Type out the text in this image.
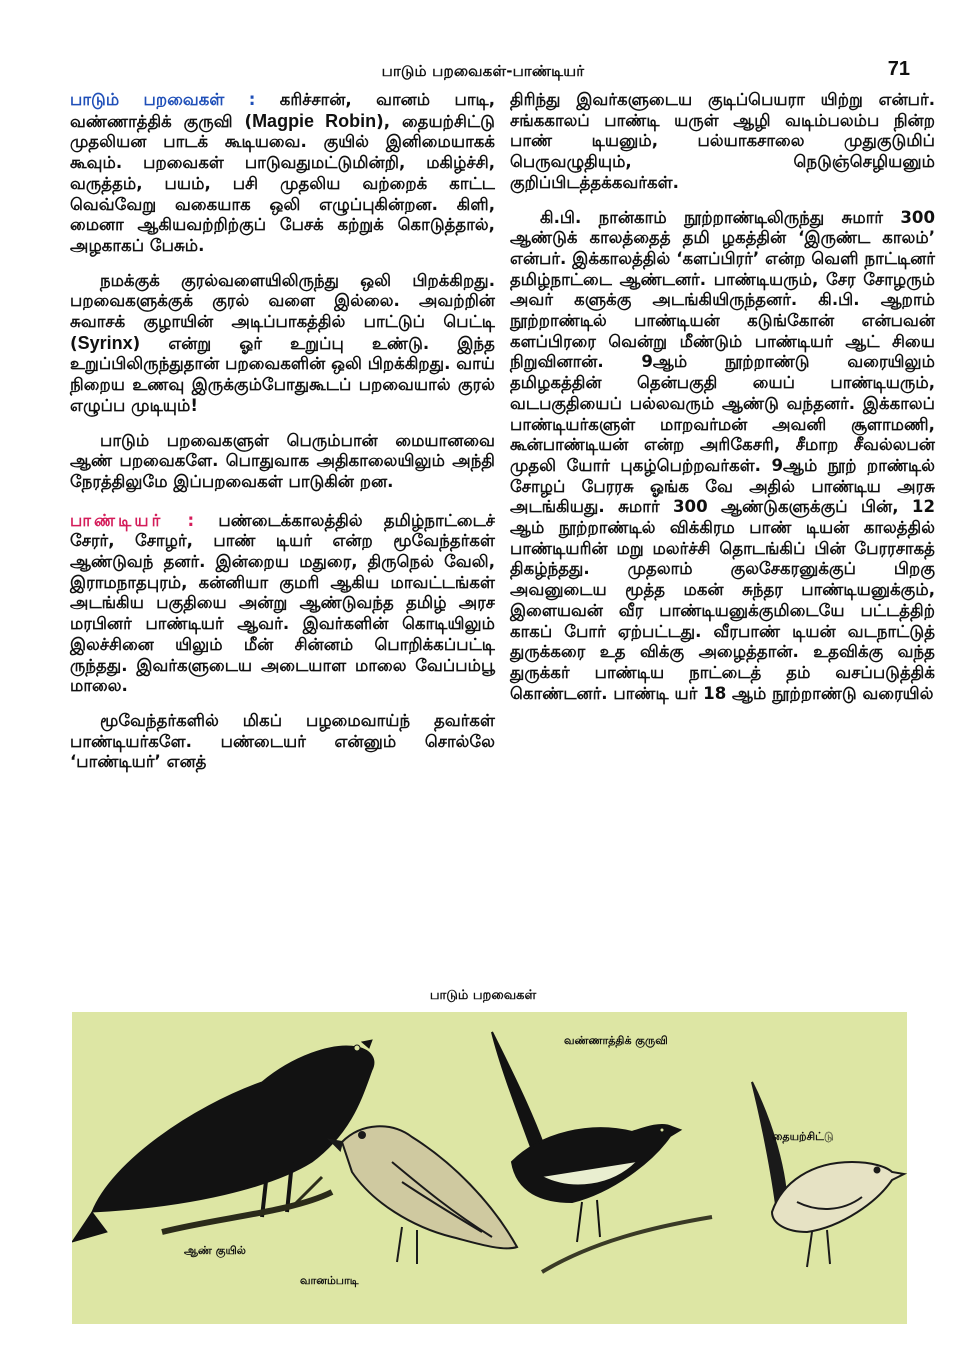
பாடும் பறவைகள்-பாண்டியர்	71

பாடும் பறவைகள் : கரிச்சான், வானம் பாடி, வண்ணாத்திக் குருவி (Magpie Robin), தையற்சிட்டு முதலியன பாடக் கூடியவை. குயில் இனிமையாகக் கூவும். பறவைகள் பாடுவதுமட்டுமின்றி, மகிழ்ச்சி, வருத்தம், பயம், பசி முதலிய வற்றைக் காட்ட வெவ்வேறு வகையாக ஒலி எழுப்புகின்றன. கிளி, மைனா ஆகியவற்றிற்குப் பேசக் கற்றுக் கொடுத்தால், அழகாகப் பேசும்.

நமக்குக் குரல்வளையிலிருந்து ஒலி பிறக்கிறது. பறவைகளுக்குக் குரல் வளை இல்லை. அவற்றின் சுவாசக் குழாயின் அடிப்பாகத்தில் பாட்டுப் பெட்டி (Syrinx) என்று ஓர் உறுப்பு உண்டு. இந்த உறுப்பிலிருந்துதான் பறவைகளின் ஒலி பிறக்கிறது. வாய் நிறைய உணவு இருக்கும்போதுகூடப் பறவையால் குரல் எழுப்ப முடியும்!

பாடும் பறவைகளுள் பெரும்பான் மையானவை ஆண் பறவைகளே. பொதுவாக அதிகாலையிலும் அந்தி நேரத்திலுமே இப்பறவைகள் பாடுகின் றன.

பாண்டியர் : பண்டைக்காலத்தில் தமிழ்நாட்டைச் சேரர், சோழர், பாண் டியர் என்ற மூவேந்தர்கள் ஆண்டுவந் தனர். இன்றைய மதுரை, திருநெல் வேலி, இராமநாதபுரம், கன்னியா குமரி ஆகிய மாவட்டங்கள் அடங்கிய பகுதியை அன்று ஆண்டுவந்த தமிழ் அரச மரபினர் பாண்டியர் ஆவர். இவர்களின் கொடியிலும் இலச்சினை யிலும் மீன் சின்னம் பொறிக்கப்பட்டி ருந்தது. இவர்களுடைய அடையாள மாலை வேப்பம்பூ மாலை.

மூவேந்தர்களில் மிகப் பழமைவாய்ந் தவர்கள் பாண்டியர்களே. பண்டையர் என்னும் சொல்லே ‘பாண்டியர்’ எனத்

திரிந்து இவர்களுடைய குடிப்பெயரா யிற்று என்பர். சங்ககாலப் பாண்டி யருள் ஆழி வடிம்பலம்ப நின்ற பாண் டியனும், பல்யாகசாலை முதுகுடுமிப் பெருவழுதியும், நெடுஞ்செழியனும் குறிப்பிடத்தக்கவர்கள்.

கி.பி. நான்காம் நூற்றாண்டிலிருந்து சுமார் 300 ஆண்டுக் காலத்தைத் தமி ழகத்தின் ‘இருண்ட காலம்’ என்பர். இக்காலத்தில் ‘களப்பிரர்’ என்ற வெளி நாட்டினர் தமிழ்நாட்டை ஆண்டனர். பாண்டியரும், சேர சோழரும் அவர் களுக்கு அடங்கியிருந்தனர். கி.பி. ஆறாம் நூற்றாண்டில் பாண்டியன் கடுங்கோன் என்பவன் களப்பிரரை வென்று மீண்டும் பாண்டியர் ஆட் சியை நிறுவினான். 9ஆம் நூற்றாண்டு வரையிலும் தமிழகத்தின் தென்பகுதி யைப் பாண்டியரும், வடபகுதியைப் பல்லவரும் ஆண்டு வந்தனர். இக்காலப் பாண்டியர்களுள் மாறவர்மன் அவனி சூளாமணி, கூன்பாண்டியன் என்ற அரிகேசரி, சீமாற சீவல்லபன் முதலி யோர் புகழ்பெற்றவர்கள். 9ஆம் நூற் றாண்டில் சோழப் பேரரசு ஓங்க வே அதில் பாண்டிய அரசு அடங்கியது. சுமார் 300 ஆண்டுகளுக்குப் பின், 12 ஆம் நூற்றாண்டில் விக்கிரம பாண் டியன் காலத்தில் பாண்டியரின் மறு மலர்ச்சி தொடங்கிப் பின் பேரரசாகத் திகழ்ந்தது. முதலாம் குலசேகரனுக்குப் பிறகு அவனுடைய மூத்த மகன் சுந்தர பாண்டியனுக்கும், இளையவன் வீர பாண்டியனுக்குமிடையே பட்டத்திற் காகப் போர் ஏற்பட்டது. வீரபாண் டியன் வடநாட்டுத் துருக்கரை உத விக்கு அழைத்தான். உதவிக்கு வந்த துருக்கர் பாண்டிய நாட்டைத் தம் வசப்படுத்திக் கொண்டனர். பாண்டி யர் 18 ஆம் நூற்றாண்டு வரையில்

பாடும் பறவைகள்
ஆண் குயில்
வானம்பாடி
வண்ணாத்திக் குருவி
தையற்சிட்டு
